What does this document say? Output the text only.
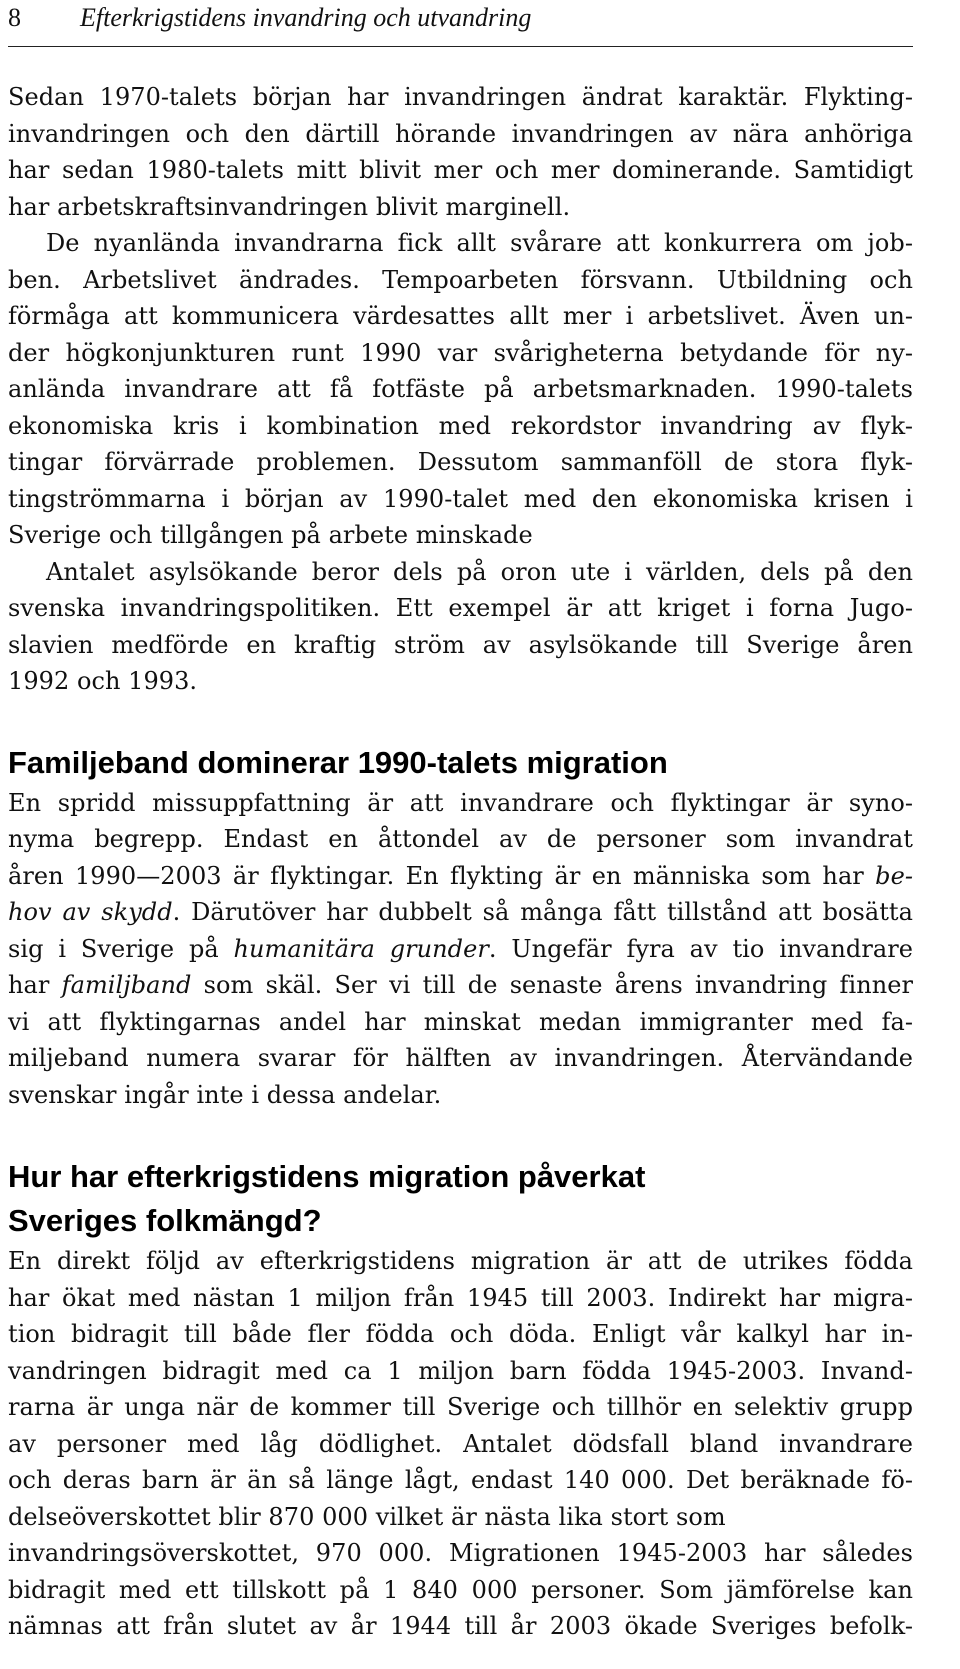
8 Efterkrigstidens invandring och utvandring
Sedan 1970-talets början har invandringen ändrat karaktär. Flykting-
invandringen och den därtill hörande invandringen av nära anhöriga
har sedan 1980-talets mitt blivit mer och mer dominerande. Samtidigt
har arbetskraftsinvandringen blivit marginell.
De nyanlända invandrarna fick allt svårare att konkurrera om job-
ben. Arbetslivet ändrades. Tempoarbeten försvann. Utbildning och
förmåga att kommunicera värdesattes allt mer i arbetslivet. Även un-
der högkonjunkturen runt 1990 var svårigheterna betydande för ny-
anlända invandrare att få fotfäste på arbetsmarknaden. 1990-talets
ekonomiska kris i kombination med rekordstor invandring av flyk-
tingar förvärrade problemen. Dessutom sammanföll de stora flyk-
tingströmmarna i början av 1990-talet med den ekonomiska krisen i
Sverige och tillgången på arbete minskade
Antalet asylsökande beror dels på oron ute i världen, dels på den
svenska invandringspolitiken. Ett exempel är att kriget i forna Jugo-
slavien medförde en kraftig ström av asylsökande till Sverige åren
1992 och 1993.
Familjeband dominerar 1990-talets migration
En spridd missuppfattning är att invandrare och flyktingar är syno-
nyma begrepp. Endast en åttondel av de personer som invandrat
åren 1990—2003 är flyktingar. En flykting är en människa som har be-
hov av skydd. Därutöver har dubbelt så många fått tillstånd att bosätta
sig i Sverige på humanitära grunder. Ungefär fyra av tio invandrare
har familjband som skäl. Ser vi till de senaste årens invandring finner
vi att flyktingarnas andel har minskat medan immigranter med fa-
miljeband numera svarar för hälften av invandringen. Återvändande
svenskar ingår inte i dessa andelar.
Hur har efterkrigstidens migration påverkat
Sveriges folkmängd?
En direkt följd av efterkrigstidens migration är att de utrikes födda
har ökat med nästan 1 miljon från 1945 till 2003. Indirekt har migra-
tion bidragit till både fler födda och döda. Enligt vår kalkyl har in-
vandringen bidragit med ca 1 miljon barn födda 1945-2003. Invand-
rarna är unga när de kommer till Sverige och tillhör en selektiv grupp
av personer med låg dödlighet. Antalet dödsfall bland invandrare
och deras barn är än så länge lågt, endast 140 000. Det beräknade fö-
delseöverskottet blir 870 000 vilket är nästa lika stort som
invandringsöverskottet, 970 000. Migrationen 1945-2003 har således
bidragit med ett tillskott på 1 840 000 personer. Som jämförelse kan
nämnas att från slutet av år 1944 till år 2003 ökade Sveriges befolk-
